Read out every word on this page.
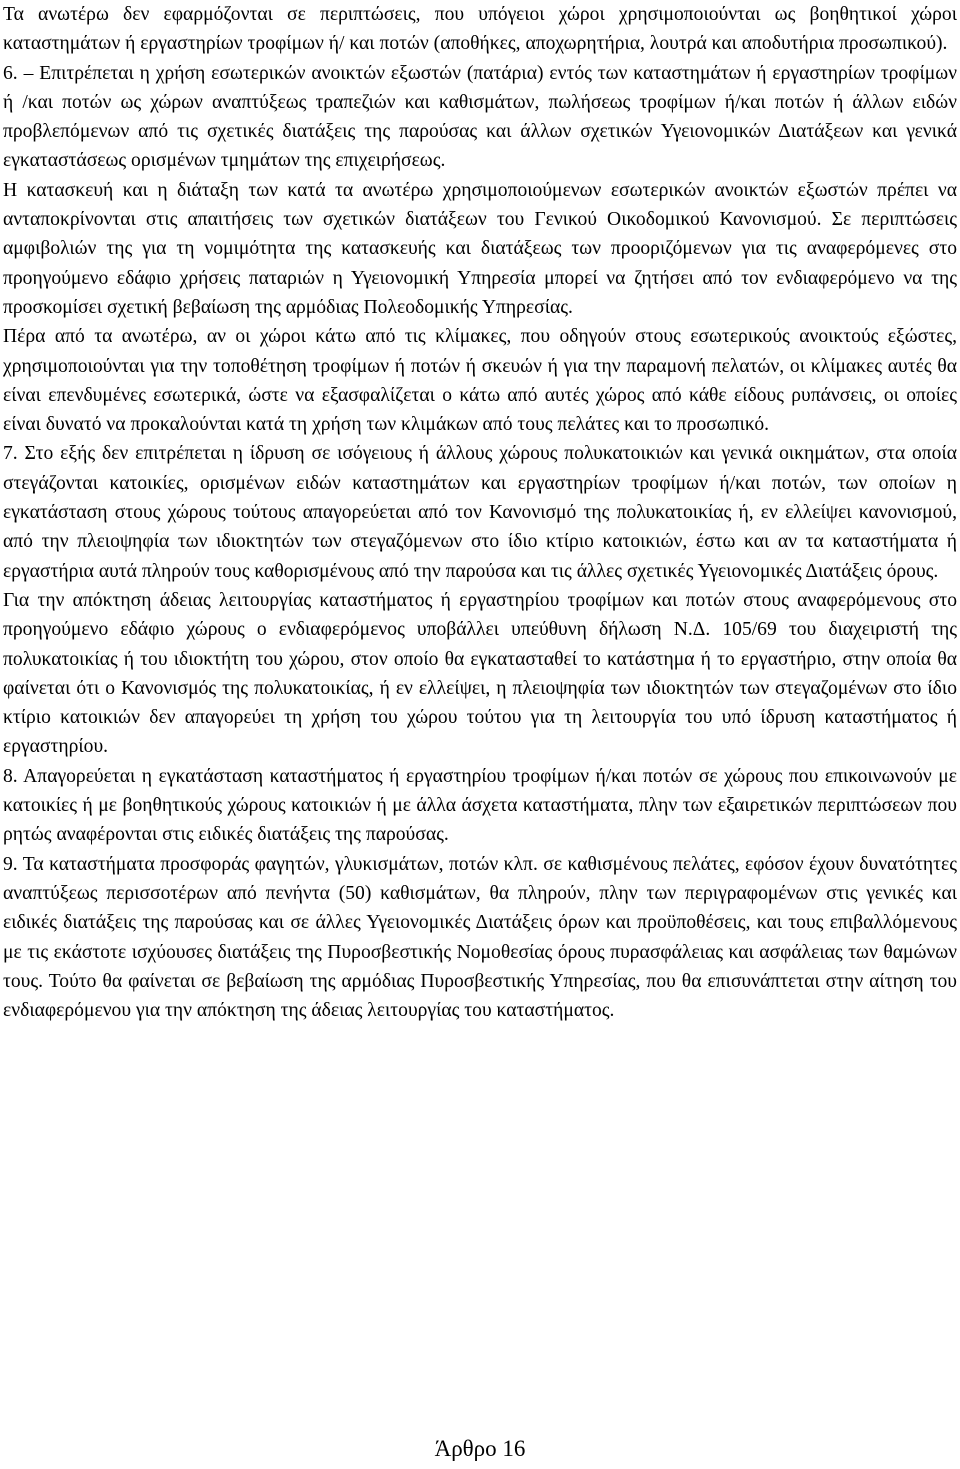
Τα ανωτέρω δεν εφαρμόζονται σε περιπτώσεις, που υπόγειοι χώροι χρησιμοποιούνται ως βοηθητικοί χώροι καταστημάτων ή εργαστηρίων τροφίμων ή/ και ποτών (αποθήκες, αποχωρητήρια, λουτρά και αποδυτήρια προσωπικού).

6. – Επιτρέπεται η χρήση εσωτερικών ανοικτών εξωστών (πατάρια) εντός των καταστημάτων ή εργαστηρίων τροφίμων ή /και ποτών ως χώρων αναπτύξεως τραπεζιών και καθισμάτων, πωλήσεως τροφίμων ή/και ποτών ή άλλων ειδών προβλεπόμενων από τις σχετικές διατάξεις της παρούσας και άλλων σχετικών Υγειονομικών Διατάξεων και γενικά εγκαταστάσεως ορισμένων τμημάτων της επιχειρήσεως.

Η κατασκευή και η διάταξη των κατά τα ανωτέρω χρησιμοποιούμενων εσωτερικών ανοικτών εξωστών πρέπει να ανταποκρίνονται στις απαιτήσεις των σχετικών διατάξεων του Γενικού Οικοδομικού Κανονισμού. Σε περιπτώσεις αμφιβολιών της για τη νομιμότητα της κατασκευής και διατάξεως των προοριζόμενων για τις αναφερόμενες στο προηγούμενο εδάφιο χρήσεις παταριών η Υγειονομική Υπηρεσία μπορεί να ζητήσει από τον ενδιαφερόμενο να της προσκομίσει σχετική βεβαίωση της αρμόδιας Πολεοδομικής Υπηρεσίας.

Πέρα από τα ανωτέρω, αν οι χώροι κάτω από τις κλίμακες, που οδηγούν στους εσωτερικούς ανοικτούς εξώστες, χρησιμοποιούνται για την τοποθέτηση τροφίμων ή ποτών ή σκευών ή για την παραμονή πελατών, οι κλίμακες αυτές θα είναι επενδυμένες εσωτερικά, ώστε να εξασφαλίζεται ο κάτω από αυτές χώρος από κάθε είδους ρυπάνσεις, οι οποίες είναι δυνατό να προκαλούνται κατά τη χρήση των κλιμάκων από τους πελάτες και το προσωπικό.

7. Στο εξής δεν επιτρέπεται η ίδρυση σε ισόγειους ή άλλους χώρους πολυκατοικιών και γενικά οικημάτων, στα οποία στεγάζονται κατοικίες, ορισμένων ειδών καταστημάτων και εργαστηρίων τροφίμων ή/και ποτών, των οποίων η εγκατάσταση στους χώρους τούτους απαγορεύεται από τον Κανονισμό της πολυκατοικίας ή, εν ελλείψει κανονισμού, από την πλειοψηφία των ιδιοκτητών των στεγαζόμενων στο ίδιο κτίριο κατοικιών, έστω και αν τα καταστήματα ή εργαστήρια αυτά πληρούν τους καθορισμένους από την παρούσα και τις άλλες σχετικές Υγειονομικές Διατάξεις όρους.

Για την απόκτηση άδειας λειτουργίας καταστήματος ή εργαστηρίου τροφίμων και ποτών στους αναφερόμενους στο προηγούμενο εδάφιο χώρους ο ενδιαφερόμενος υποβάλλει υπεύθυνη δήλωση Ν.Δ. 105/69 του διαχειριστή της πολυκατοικίας ή του ιδιοκτήτη του χώρου, στον οποίο θα εγκατασταθεί το κατάστημα ή το εργαστήριο, στην οποία θα φαίνεται ότι ο Κανονισμός της πολυκατοικίας, ή εν ελλείψει, η πλειοψηφία των ιδιοκτητών των στεγαζομένων στο ίδιο κτίριο κατοικιών δεν απαγορεύει τη χρήση του χώρου τούτου για τη λειτουργία του υπό ίδρυση καταστήματος ή εργαστηρίου.

8. Απαγορεύεται η εγκατάσταση καταστήματος ή εργαστηρίου τροφίμων ή/και ποτών σε χώρους που επικοινωνούν με κατοικίες ή με βοηθητικούς χώρους κατοικιών ή με άλλα άσχετα καταστήματα, πλην των εξαιρετικών περιπτώσεων που ρητώς αναφέρονται στις ειδικές διατάξεις της παρούσας.

9. Τα καταστήματα προσφοράς φαγητών, γλυκισμάτων, ποτών κλπ. σε καθισμένους πελάτες, εφόσον έχουν δυνατότητες αναπτύξεως περισσοτέρων από πενήντα (50) καθισμάτων, θα πληρούν, πλην των περιγραφομένων στις γενικές και ειδικές διατάξεις της παρούσας και σε άλλες Υγειονομικές Διατάξεις όρων και προϋποθέσεις, και τους επιβαλλόμενους με τις εκάστοτε ισχύουσες διατάξεις της Πυροσβεστικής Νομοθεσίας όρους πυρασφάλειας και ασφάλειας των θαμώνων τους. Τούτο θα φαίνεται σε βεβαίωση της αρμόδιας Πυροσβεστικής Υπηρεσίας, που θα επισυνάπτεται στην αίτηση του ενδιαφερόμενου για την απόκτηση της άδειας λειτουργίας του καταστήματος.

Άρθρο 16
